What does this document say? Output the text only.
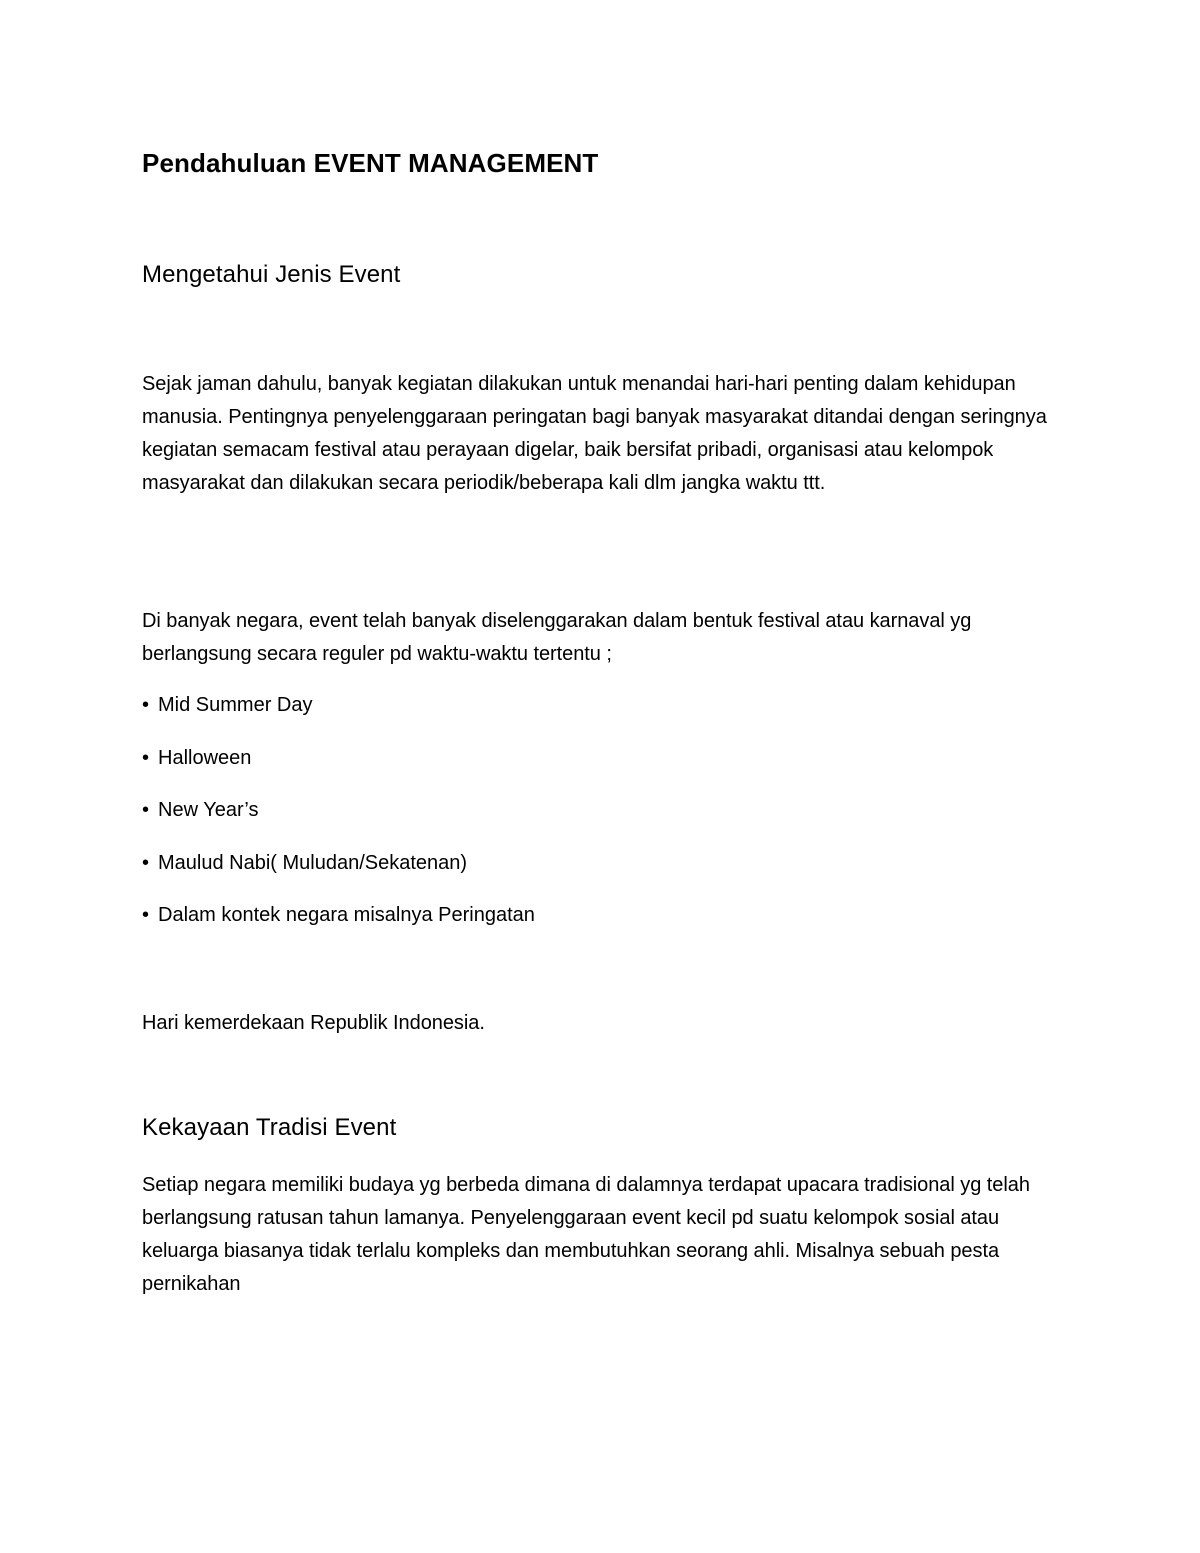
Pendahuluan EVENT MANAGEMENT
Mengetahui Jenis Event

Sejak jaman dahulu, banyak kegiatan dilakukan untuk menandai hari-hari penting dalam kehidupan manusia. Pentingnya penyelenggaraan peringatan bagi banyak masyarakat ditandai dengan seringnya kegiatan semacam festival atau perayaan digelar, baik bersifat pribadi, organisasi atau kelompok masyarakat dan dilakukan secara periodik/beberapa kali dlm jangka waktu ttt.

Di banyak negara, event telah banyak diselenggarakan dalam bentuk festival atau karnaval yg berlangsung secara reguler pd waktu-waktu tertentu ;

• Mid Summer Day
• Halloween
• New Year’s
• Maulud Nabi( Muludan/Sekatenan)
• Dalam kontek negara misalnya Peringatan

Hari kemerdekaan Republik Indonesia.

Kekayaan Tradisi Event

Setiap negara memiliki budaya yg berbeda dimana di dalamnya terdapat upacara tradisional yg telah berlangsung ratusan tahun lamanya. Penyelenggaraan event kecil pd suatu kelompok sosial atau keluarga biasanya tidak terlalu kompleks dan membutuhkan seorang ahli. Misalnya sebuah pesta pernikahan
